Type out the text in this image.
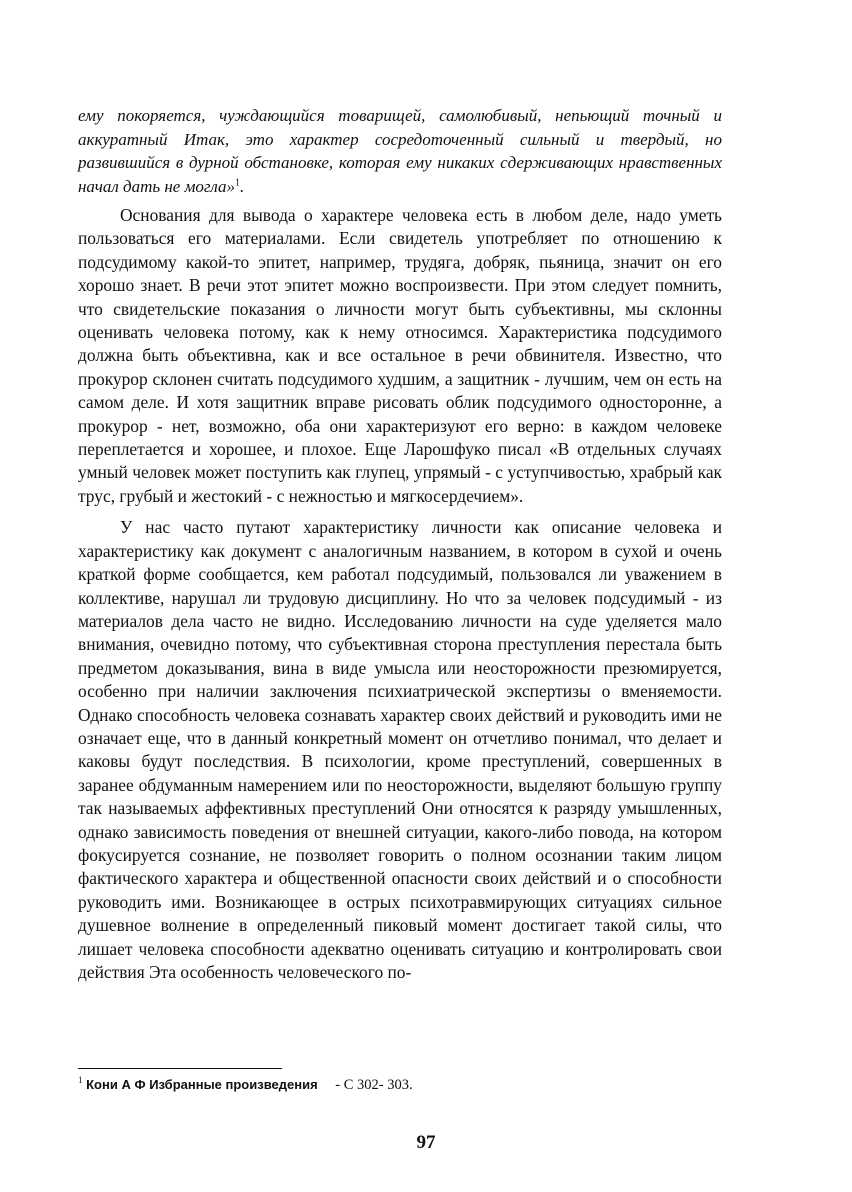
ему покоряется, чуждающийся товарищей, самолюбивый, непьющий точный и аккуратный Итак, это характер сосредоточенный сильный и твердый, но развившийся в дурной обстановке, которая ему никаких сдерживающих нравственных начал дать не могла»$^1$.

Основания для вывода о характере человека есть в любом деле, надо уметь пользоваться его материалами. Если свидетель употребляет по отношению к подсудимому какой-то эпитет, например, трудяга, добряк, пьяница, значит он его хорошо знает. В речи этот эпитет можно воспроизвести. При этом следует помнить, что свидетельские показания о личности могут быть субъективны, мы склонны оценивать человека потому, как к нему относимся. Характеристика подсудимого должна быть объективна, как и все остальное в речи обвинителя. Известно, что прокурор склонен считать подсудимого худшим, а защитник - лучшим, чем он есть на самом деле. И хотя защитник вправе рисовать облик подсудимого односторонне, а прокурор - нет, возможно, оба они характеризуют его верно: в каждом человеке переплетается и хорошее, и плохое. Еще Ларошфуко писал «В отдельных случаях умный человек может поступить как глупец, упрямый - с уступчивостью, храбрый как трус, грубый и жестокий - с нежностью и мягкосердечием».

У нас часто путают характеристику личности как описание человека и характеристику как документ с аналогичным названием, в котором в сухой и очень краткой форме сообщается, кем работал подсудимый, пользовался ли уважением в коллективе, нарушал ли трудовую дисциплину. Но что за человек подсудимый - из материалов дела часто не видно. Исследованию личности на суде уделяется мало внимания, очевидно потому, что субъективная сторона преступления перестала быть предметом доказывания, вина в виде умысла или неосторожности презюмируется, особенно при наличии заключения психиатрической экспертизы о вменяемости. Однако способность человека сознавать характер своих действий и руководить ими не означает еще, что в данный конкретный момент он отчетливо понимал, что делает и каковы будут последствия. В психологии, кроме преступлений, совершенных в заранее обдуманным намерением или по неосторожности, выделяют большую группу так называемых аффективных преступлений Они относятся к разряду умышленных, однако зависимость поведения от внешней ситуации, какого-либо повода, на котором фокусируется сознание, не позволяет говорить о полном осознании таким лицом фактического характера и общественной опасности своих действий и о способности руководить ими. Возникающее в острых психотравмирующих ситуациях сильное душевное волнение в определенный пиковый момент достигает такой силы, что лишает человека способности адекватно оценивать ситуацию и контролировать свои действия Эта особенность человеческого по-

$^1$ Кони А Ф Избранные произведения - С 302- 303.
97
